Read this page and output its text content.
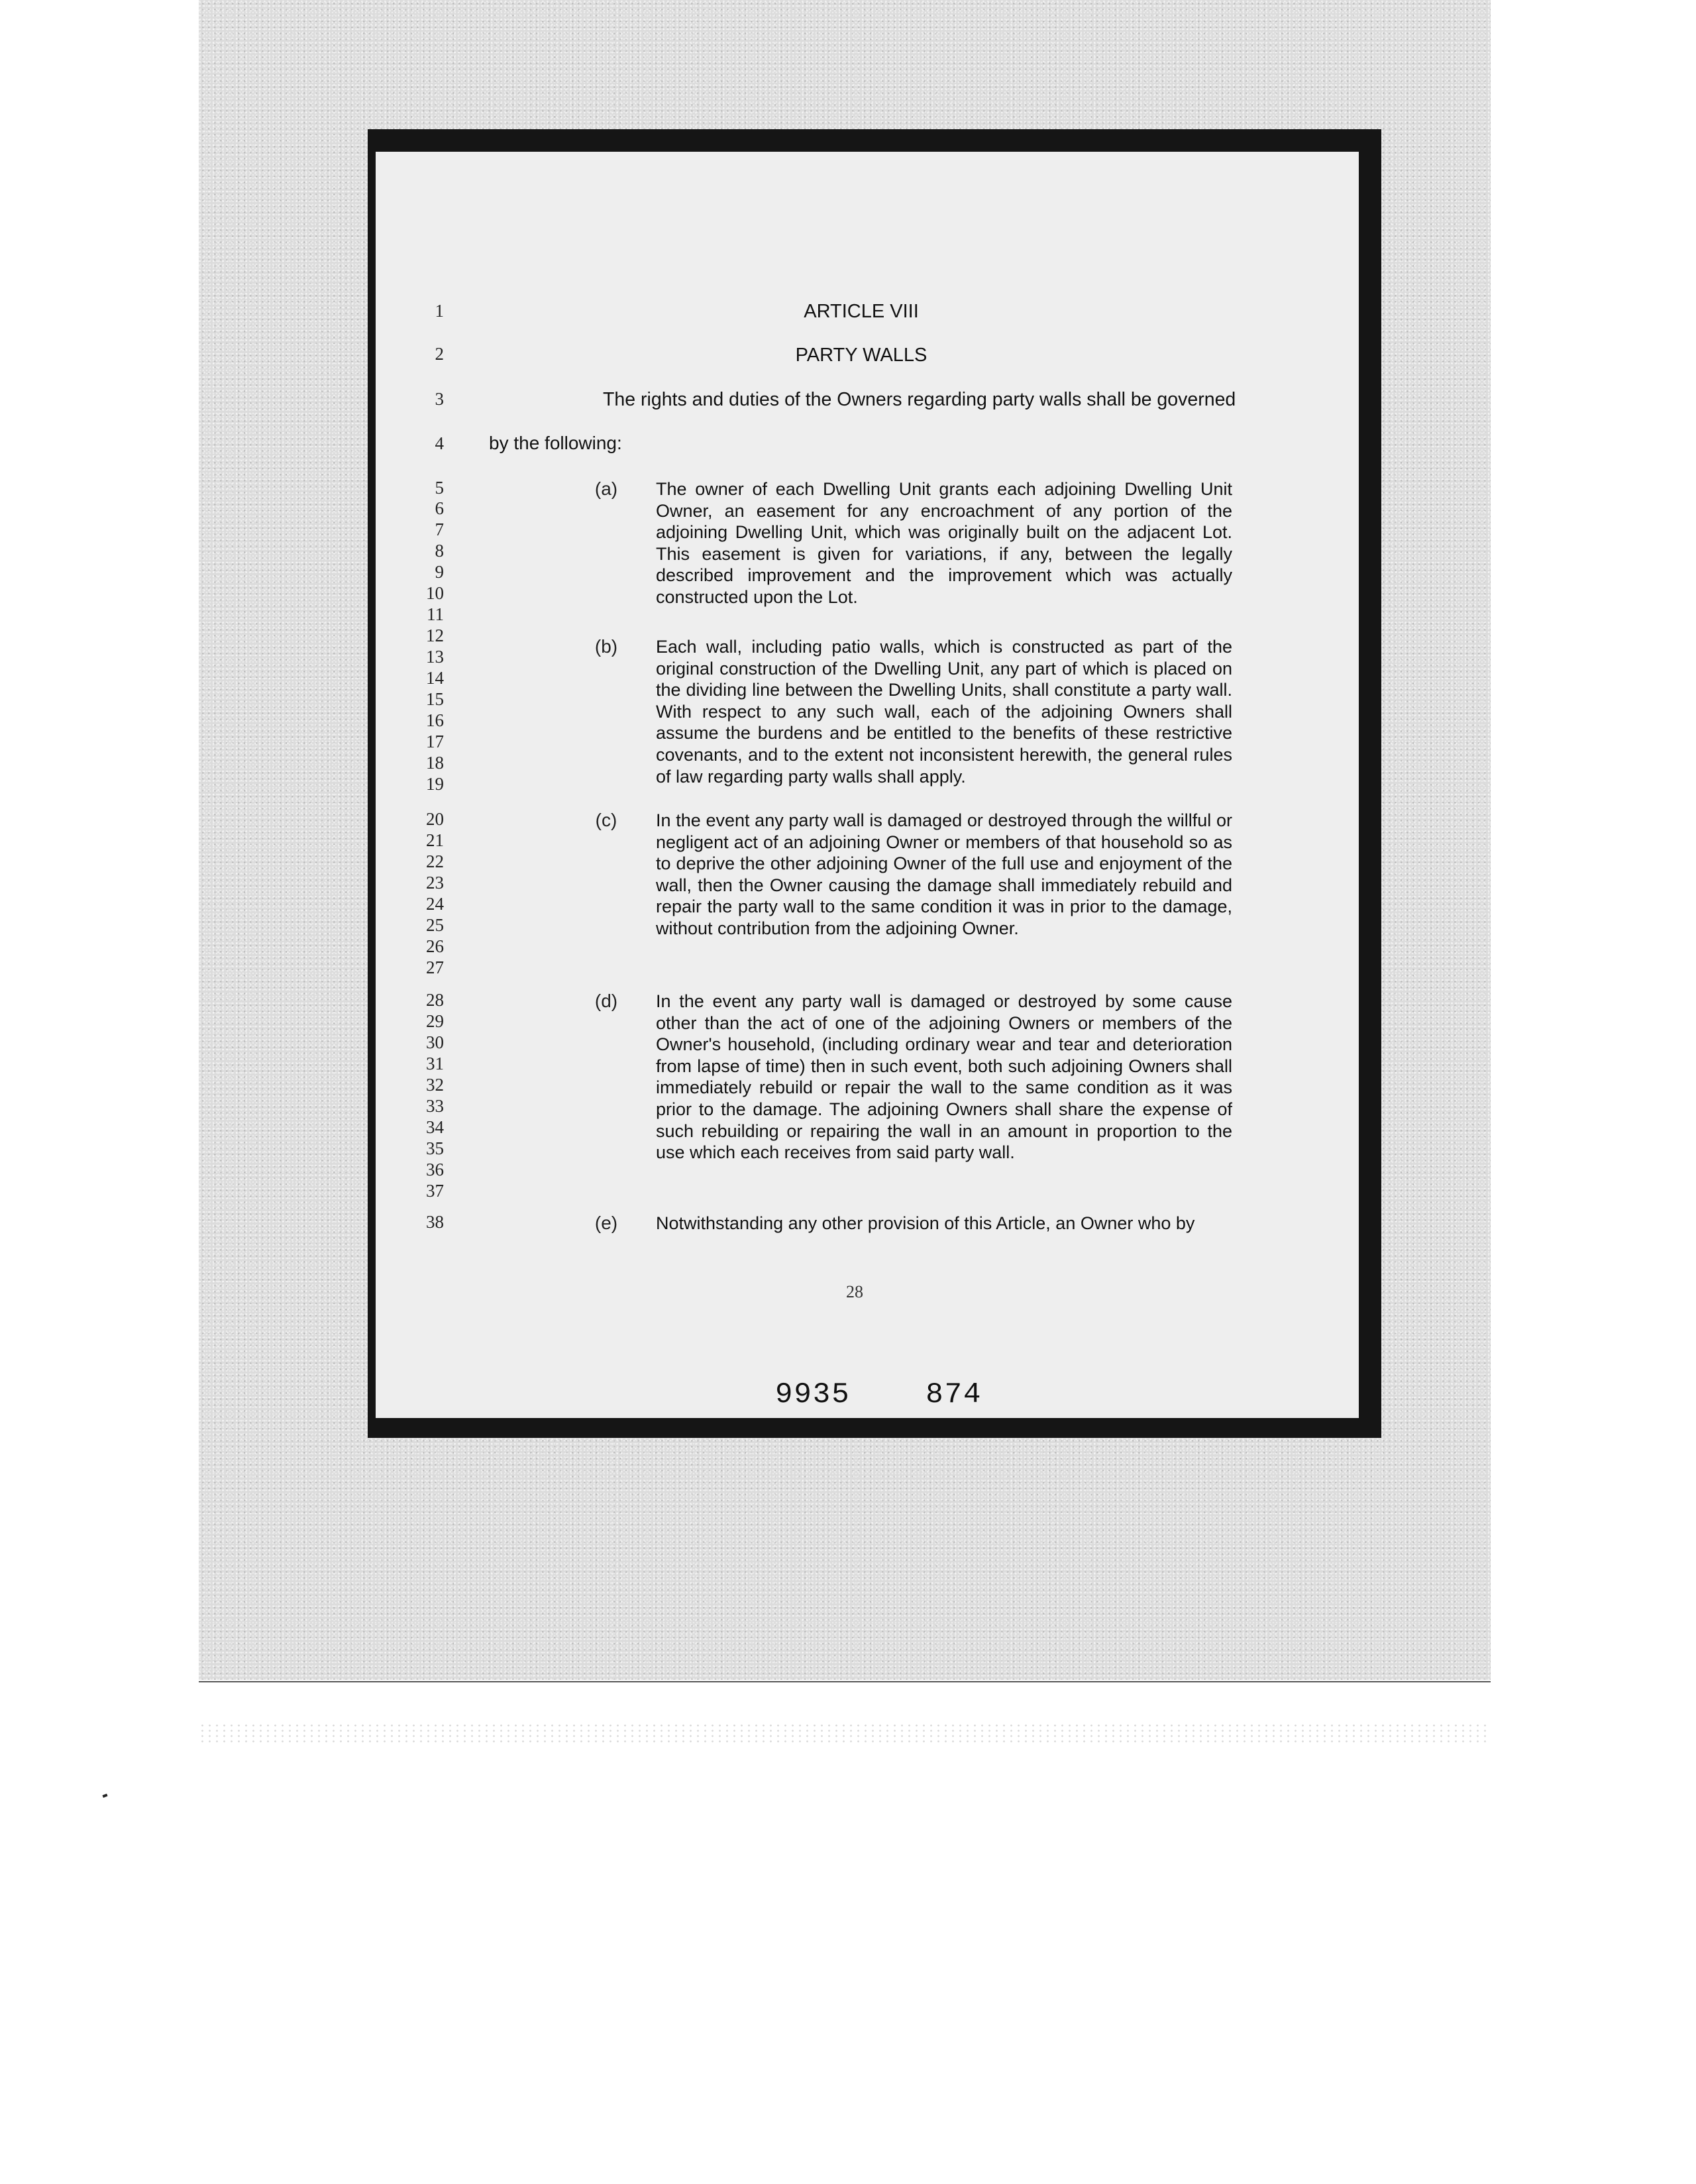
1
2
3
4
5
6
7
8
9
10
11
12
13
14
15
16
17
18
19
20
21
22
23
24
25
26
27
28
29
30
31
32
33
34
35
36
37
38
ARTICLE VIII
PARTY WALLS
The rights and duties of the Owners regarding party walls shall be governed
by the following:
(a)	The owner of each Dwelling Unit grants each adjoining Dwelling Unit Owner, an easement for any encroachment of any portion of the adjoining Dwelling Unit, which was originally built on the adjacent Lot. This easement is given for variations, if any, between the legally described improvement and the improvement which was actually constructed upon the Lot.
(b)	Each wall, including patio walls, which is constructed as part of the original construction of the Dwelling Unit, any part of which is placed on the dividing line between the Dwelling Units, shall constitute a party wall. With respect to any such wall, each of the adjoining Owners shall assume the burdens and be entitled to the benefits of these restrictive covenants, and to the extent not inconsistent herewith, the general rules of law regarding party walls shall apply.
(c)	In the event any party wall is damaged or destroyed through the willful or negligent act of an adjoining Owner or members of that household so as to deprive the other adjoining Owner of the full use and enjoyment of the wall, then the Owner causing the damage shall immediately rebuild and repair the party wall to the same condition it was in prior to the damage, without contribution from the adjoining Owner.
(d)	In the event any party wall is damaged or destroyed by some cause other than the act of one of the adjoining Owners or members of the Owner's household, (including ordinary wear and tear and deterioration from lapse of time) then in such event, both such adjoining Owners shall immediately rebuild or repair the wall to the same condition as it was prior to the damage. The adjoining Owners shall share the expense of such rebuilding or repairing the wall in an amount in proportion to the use which each receives from said party wall.
(e)	Notwithstanding any other provision of this Article, an Owner who by
28
9935    874
